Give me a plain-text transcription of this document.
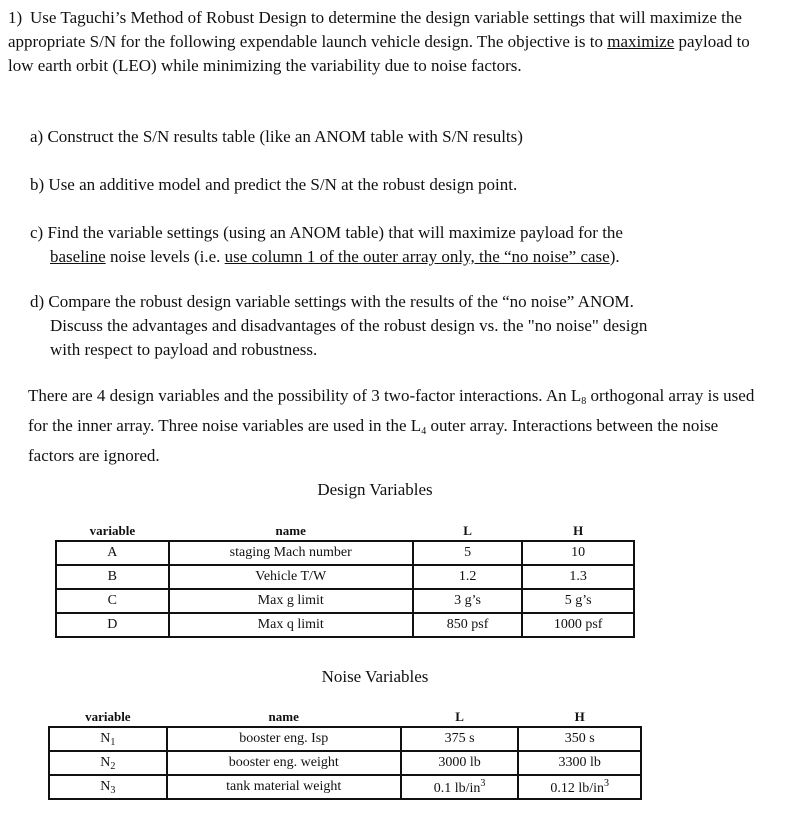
1) Use Taguchi’s Method of Robust Design to determine the design variable settings that will maximize the appropriate S/N for the following expendable launch vehicle design. The objective is to maximize payload to low earth orbit (LEO) while minimizing the variability due to noise factors.
a) Construct the S/N results table (like an ANOM table with S/N results)
b) Use an additive model and predict the S/N at the robust design point.
c) Find the variable settings (using an ANOM table) that will maximize payload for the
baseline noise levels (i.e. use column 1 of the outer array only, the “no noise” case).
d) Compare the robust design variable settings with the results of the “no noise” ANOM.
Discuss the advantages and disadvantages of the robust design vs. the "no noise" design
with respect to payload and robustness.
There are 4 design variables and the possibility of 3 two-factor interactions. An $L_8$ orthogonal array is used for the inner array. Three noise variables are used in the $L_4$ outer array. Interactions between the noise factors are ignored.
Design Variables
variable	name	L	H
A	staging Mach number	5	10
B	Vehicle T/W	1.2	1.3
C	Max g limit	3 g’s	5 g’s
D	Max q limit	850 psf	1000 psf
Noise Variables
variable	name	L	H
$N_1$	booster eng. Isp	375 s	350 s
$N_2$	booster eng. weight	3000 lb	3300 lb
$N_3$	tank material weight	0.1 $lb/in^3$	0.12 $lb/in^3$
